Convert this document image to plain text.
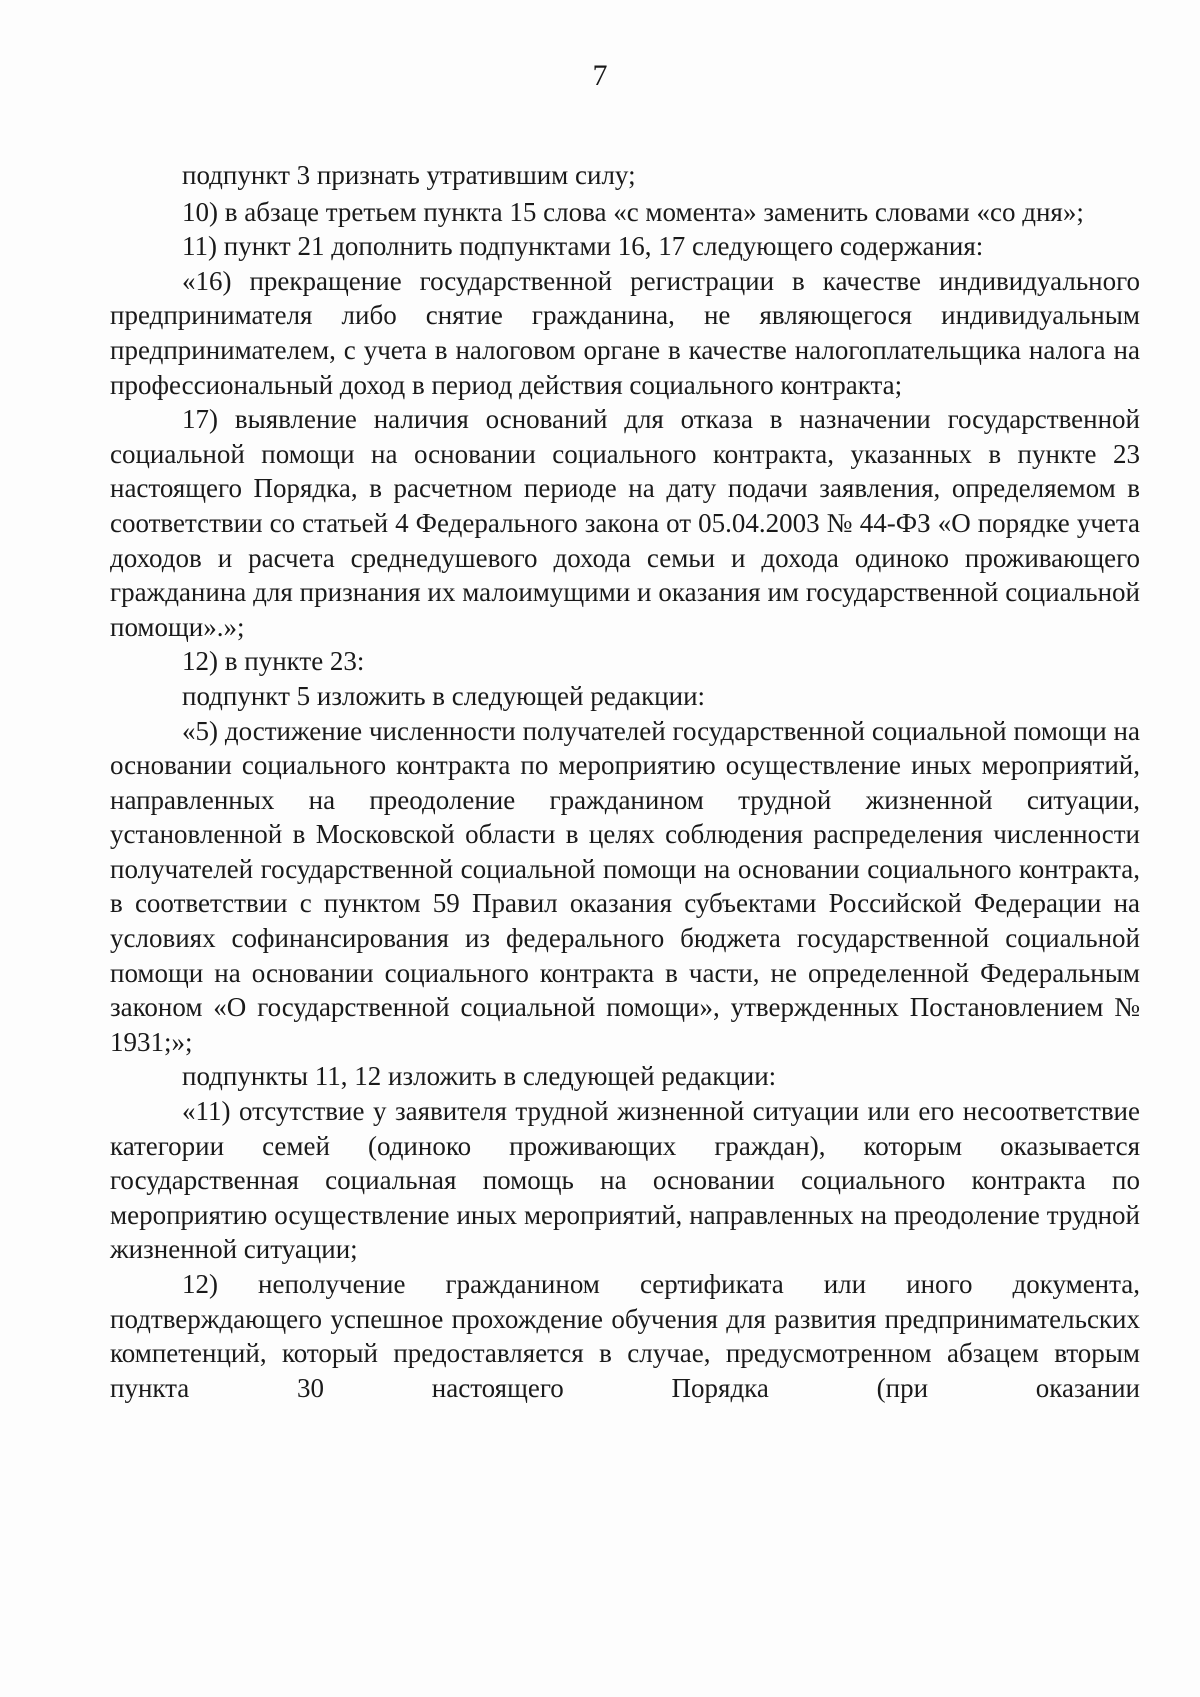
7

подпункт 3 признать утратившим силу;

10) в абзаце третьем пункта 15 слова «с момента» заменить словами «со дня»;

11) пункт 21 дополнить подпунктами 16, 17 следующего содержания:

«16) прекращение государственной регистрации в качестве индивидуального предпринимателя либо снятие гражданина, не являющегося индивидуальным предпринимателем, с учета в налоговом органе в качестве налогоплательщика налога на профессиональный доход в период действия социального контракта;

17) выявление наличия оснований для отказа в назначении государственной социальной помощи на основании социального контракта, указанных в пункте 23 настоящего Порядка, в расчетном периоде на дату подачи заявления, определяемом в соответствии со статьей 4 Федерального закона от 05.04.2003 № 44-ФЗ «О порядке учета доходов и расчета среднедушевого дохода семьи и дохода одиноко проживающего гражданина для признания их малоимущими и оказания им государственной социальной помощи».»;

12) в пункте 23:

подпункт 5 изложить в следующей редакции:

«5) достижение численности получателей государственной социальной помощи на основании социального контракта по мероприятию осуществление иных мероприятий, направленных на преодоление гражданином трудной жизненной ситуации, установленной в Московской области в целях соблюдения распределения численности получателей государственной социальной помощи на основании социального контракта, в соответствии с пунктом 59 Правил оказания субъектами Российской Федерации на условиях софинансирования из федерального бюджета государственной социальной помощи на основании социального контракта в части, не определенной Федеральным законом «О государственной социальной помощи», утвержденных Постановлением № 1931;»;

подпункты 11, 12 изложить в следующей редакции:

«11) отсутствие у заявителя трудной жизненной ситуации или его несоответствие категории семей (одиноко проживающих граждан), которым оказывается государственная социальная помощь на основании социального контракта по мероприятию осуществление иных мероприятий, направленных на преодоление трудной жизненной ситуации;

12) неполучение гражданином сертификата или иного документа, подтверждающего успешное прохождение обучения для развития предпринимательских компетенций, который предоставляется в случае, предусмотренном абзацем вторым пункта 30 настоящего Порядка (при оказании
